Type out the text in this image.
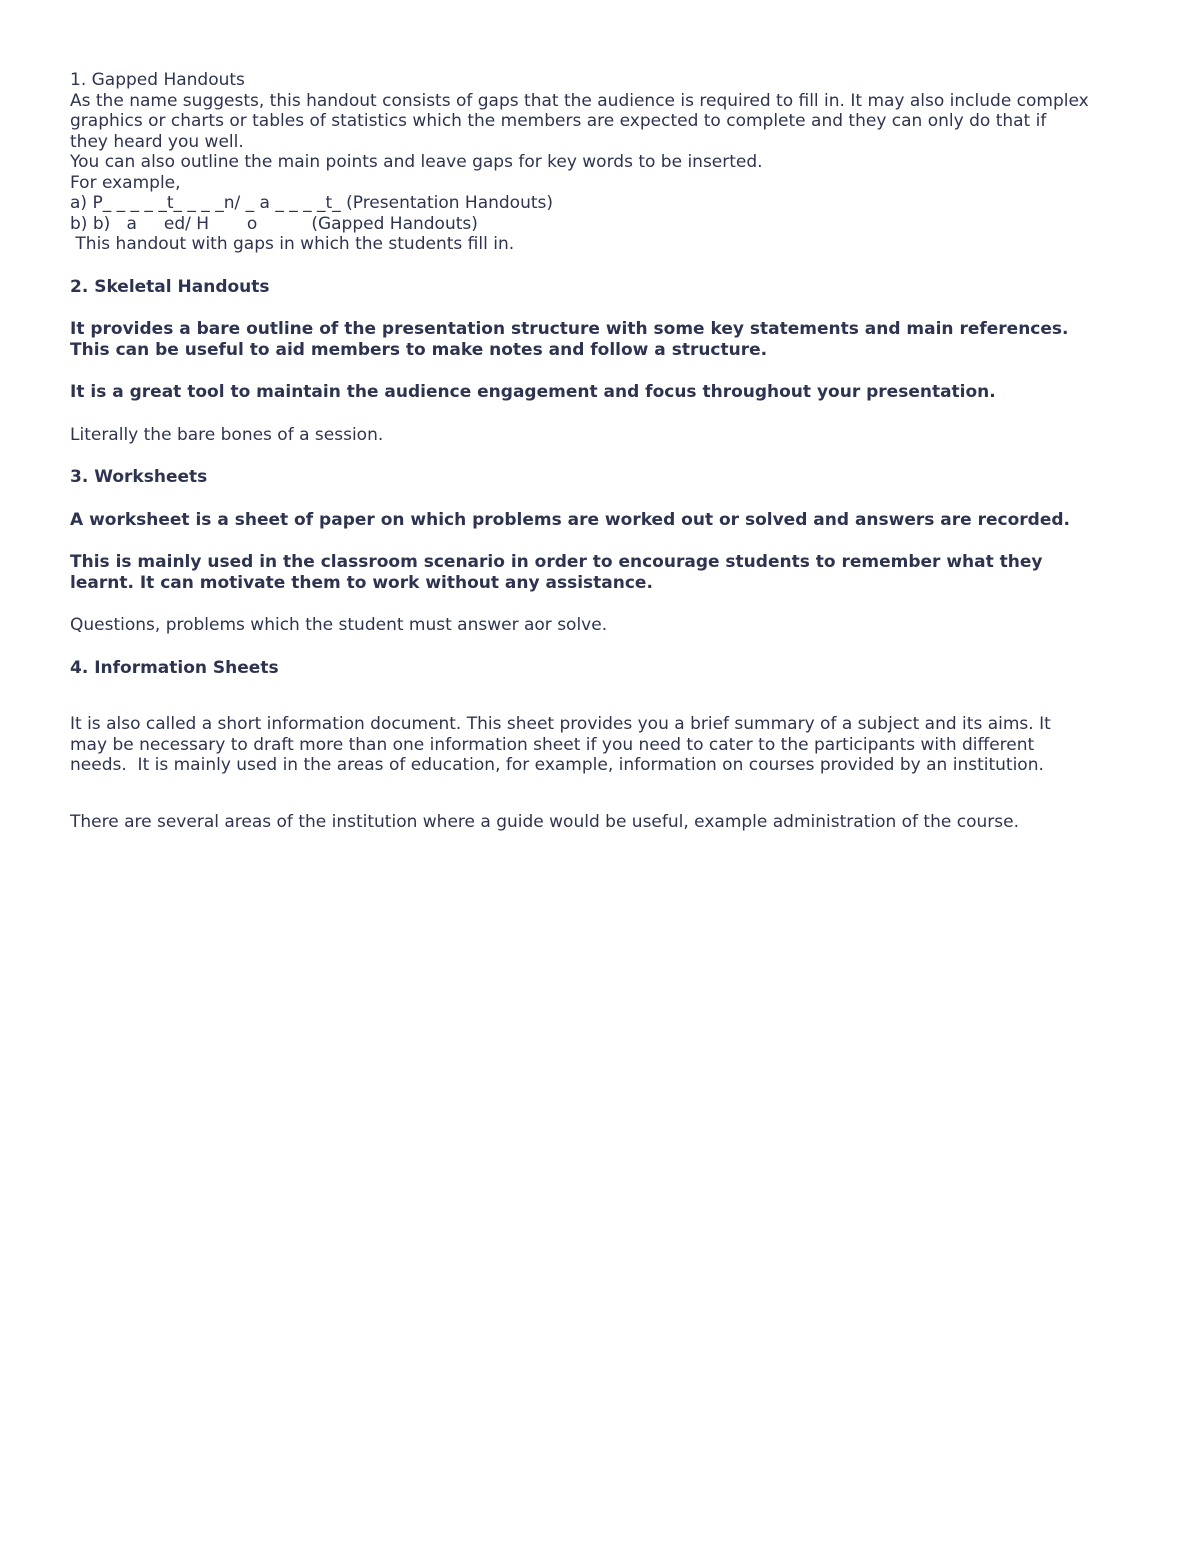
1. Gapped Handouts
As the name suggests, this handout consists of gaps that the audience is required to fill in. It may also include complex
graphics or charts or tables of statistics which the members are expected to complete and they can only do that if
they heard you well.
You can also outline the main points and leave gaps for key words to be inserted.
For example,
a) P_ _ _ _ _t_ _ _ _n/ _ a _ _ _ _t_ (Presentation Handouts)
b) b)   a     ed/ H       o          (Gapped Handouts)
This handout with gaps in which the students fill in.
2. Skeletal Handouts
It provides a bare outline of the presentation structure with some key statements and main references.
This can be useful to aid members to make notes and follow a structure.
It is a great tool to maintain the audience engagement and focus throughout your presentation.
Literally the bare bones of a session.
3. Worksheets
A worksheet is a sheet of paper on which problems are worked out or solved and answers are recorded.
This is mainly used in the classroom scenario in order to encourage students to remember what they
learnt. It can motivate them to work without any assistance.
Questions, problems which the student must answer aor solve.
4. Information Sheets
It is also called a short information document. This sheet provides you a brief summary of a subject and its aims. It
may be necessary to draft more than one information sheet if you need to cater to the participants with different
needs.  It is mainly used in the areas of education, for example, information on courses provided by an institution.
There are several areas of the institution where a guide would be useful, example administration of the course.
